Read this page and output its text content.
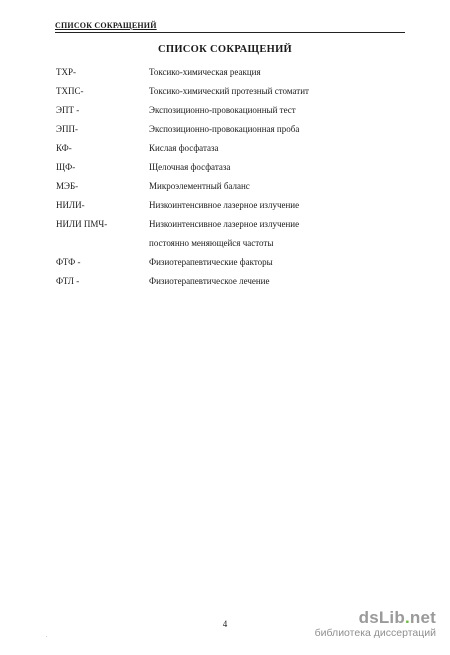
СПИСОК СОКРАЩЕНИЙ
СПИСОК СОКРАЩЕНИЙ
ТХР-	Токсико-химическая реакция
ТХПС-	Токсико-химический протезный стоматит
ЭПТ -	Экспозиционно-провокационный тест
ЭПП-	Экспозиционно-провокационная проба
КФ-	Кислая фосфатаза
ЩФ-	Щелочная фосфатаза
МЭБ-	Микроэлементный баланс
НИЛИ-	Низкоинтенсивное лазерное излучение
НИЛИ ПМЧ-	Низкоинтенсивное лазерное излучение
постоянно меняющейся частоты
ФТФ -	Физиотерапевтические факторы
ФТЛ -	Физиотерапевтическое лечение
4
.
dsLib.net
библиотека диссертаций
